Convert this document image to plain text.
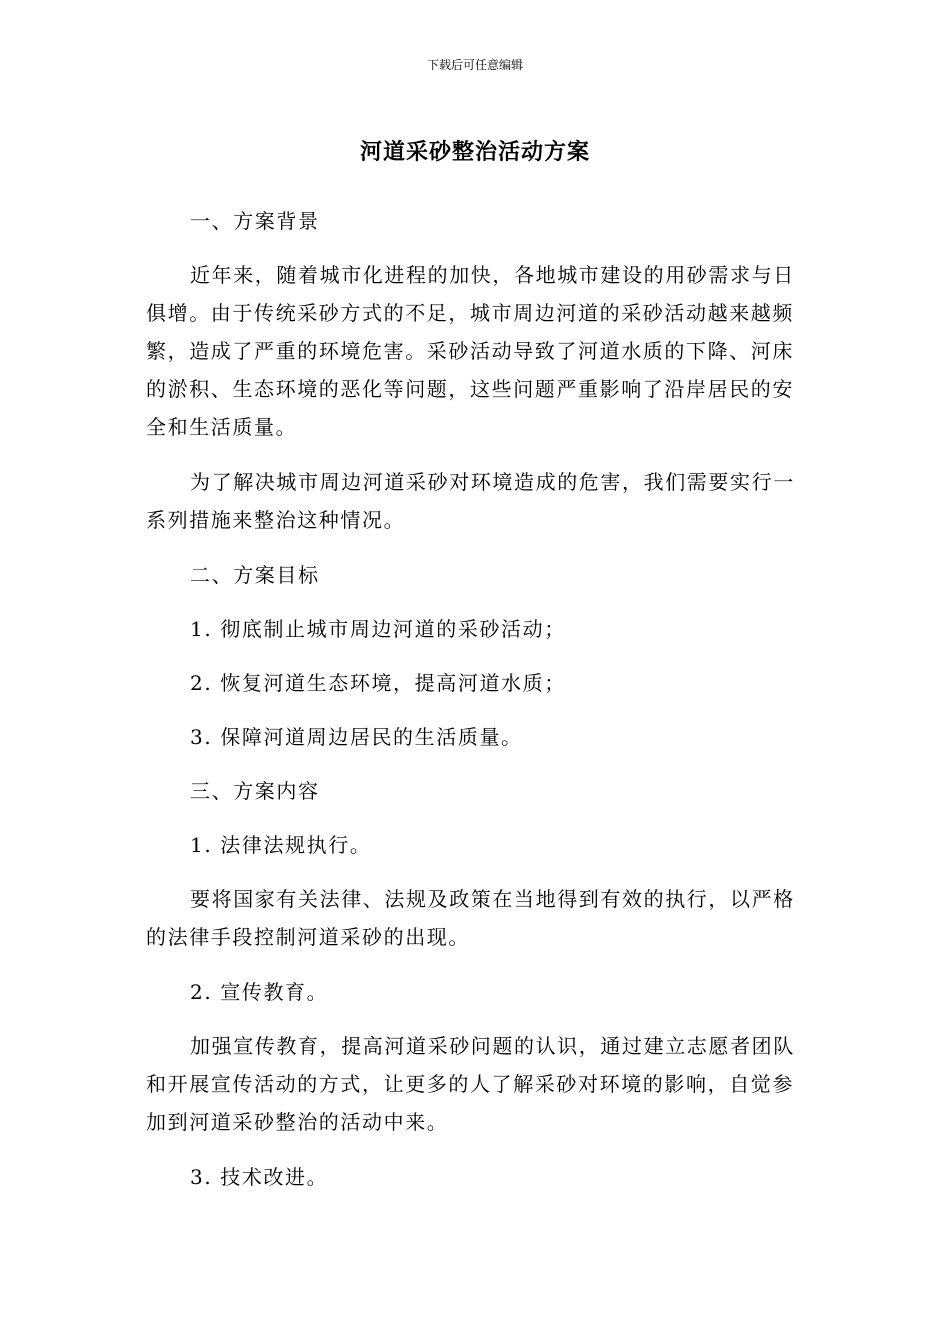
下载后可任意编辑
河道采砂整治活动方案

一、方案背景

近年来，随着城市化进程的加快，各地城市建设的用砂需求与日俱增。由于传统采砂方式的不足，城市周边河道的采砂活动越来越频繁，造成了严重的环境危害。采砂活动导致了河道水质的下降、河床的淤积、生态环境的恶化等问题，这些问题严重影响了沿岸居民的安全和生活质量。

为了解决城市周边河道采砂对环境造成的危害，我们需要实行一系列措施来整治这种情况。

二、方案目标

1. 彻底制止城市周边河道的采砂活动；

2. 恢复河道生态环境，提高河道水质；

3. 保障河道周边居民的生活质量。

三、方案内容

1. 法律法规执行。

要将国家有关法律、法规及政策在当地得到有效的执行，以严格的法律手段控制河道采砂的出现。

2. 宣传教育。

加强宣传教育，提高河道采砂问题的认识，通过建立志愿者团队和开展宣传活动的方式，让更多的人了解采砂对环境的影响，自觉参加到河道采砂整治的活动中来。

3. 技术改进。
